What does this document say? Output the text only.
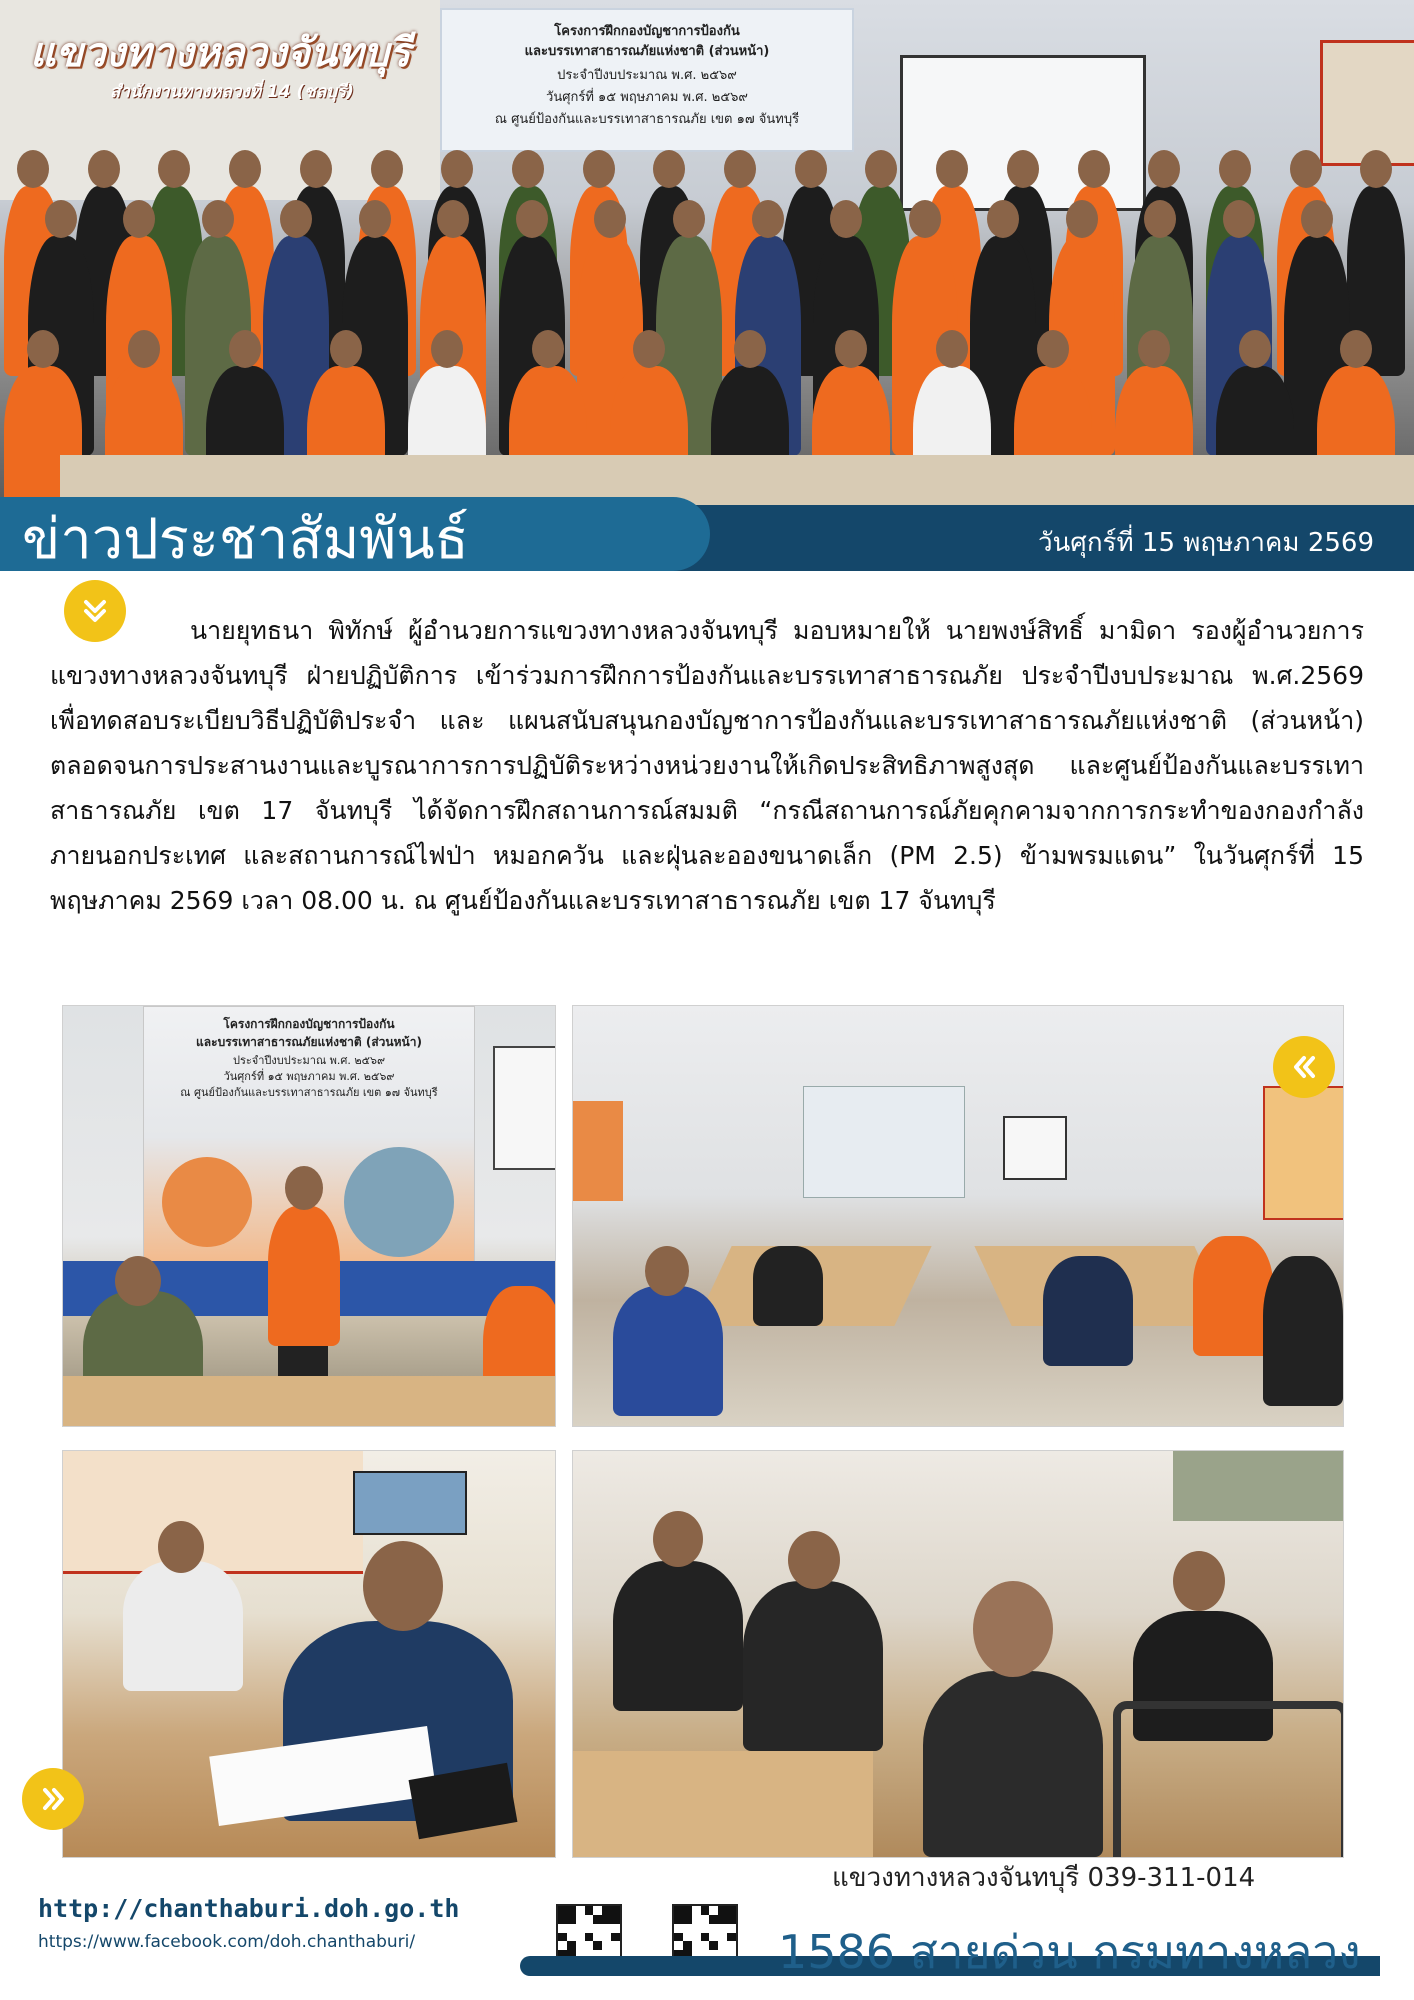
โครงการฝึกกองบัญชาการป้องกัน
และบรรเทาสาธารณภัยแห่งชาติ (ส่วนหน้า)
ประจำปีงบประมาณ พ.ศ. ๒๕๖๙
วันศุกร์ที่ ๑๕ พฤษภาคม พ.ศ. ๒๕๖๙
ณ ศูนย์ป้องกันและบรรเทาสาธารณภัย เขต ๑๗ จันทบุรี
แขวงทางหลวงจันทบุรี
สำนักงานทางหลวงที่ 14 (ชลบุรี)
ข่าวประชาสัมพันธ์	วันศุกร์ที่ 15 พฤษภาคม 2569
นายยุทธนา พิทักษ์ ผู้อำนวยการแขวงทางหลวงจันทบุรี มอบหมายให้ นายพงษ์สิทธิ์ มามิดา รองผู้อำนวยการแขวงทางหลวงจันทบุรี ฝ่ายปฏิบัติการ เข้าร่วมการฝึกการป้องกันและบรรเทาสาธารณภัย ประจำปีงบประมาณ พ.ศ.2569 เพื่อทดสอบระเบียบวิธีปฏิบัติประจำ และ แผนสนับสนุนกองบัญชาการป้องกันและบรรเทาสาธารณภัยแห่งชาติ (ส่วนหน้า) ตลอดจนการประสานงานและบูรณาการการปฏิบัติระหว่างหน่วยงานให้เกิดประสิทธิภาพสูงสุด และศูนย์ป้องกันและบรรเทาสาธารณภัย เขต 17 จันทบุรี ได้จัดการฝึกสถานการณ์สมมติ “กรณีสถานการณ์ภัยคุกคามจากการกระทำของกองกำลังภายนอกประเทศ และสถานการณ์ไฟป่า หมอกควัน และฝุ่นละอองขนาดเล็ก (PM 2.5) ข้ามพรมแดน” ในวันศุกร์ที่ 15 พฤษภาคม 2569 เวลา 08.00 น. ณ ศูนย์ป้องกันและบรรเทาสาธารณภัย เขต 17 จันทบุรี
โครงการฝึกกองบัญชาการป้องกัน
และบรรเทาสาธารณภัยแห่งชาติ (ส่วนหน้า)
ประจำปีงบประมาณ พ.ศ. ๒๕๖๙
วันศุกร์ที่ ๑๕ พฤษภาคม พ.ศ. ๒๕๖๙
ณ ศูนย์ป้องกันและบรรเทาสาธารณภัย เขต ๑๗ จันทบุรี
แขวงทางหลวงจันทบุรี 039-311-014
http://chanthaburi.doh.go.th
https://www.facebook.com/doh.chanthaburi/	1586 สายด่วน กรมทางหลวง
